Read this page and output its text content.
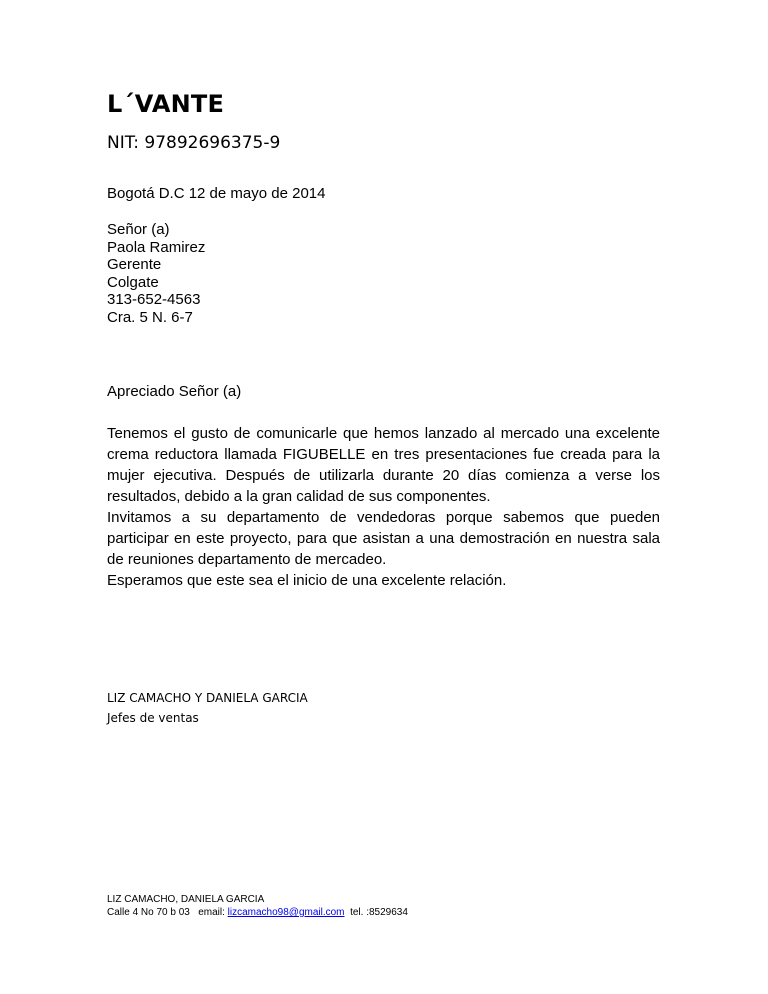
L´VANTE
NIT: 97892696375-9
Bogotá D.C 12 de mayo de 2014
Señor (a)
Paola Ramirez
Gerente
Colgate
313-652-4563
Cra. 5 N. 6-7
Apreciado Señor (a)

Tenemos el gusto de comunicarle que hemos lanzado al mercado una excelente crema reductora llamada FIGUBELLE en tres presentaciones fue creada para la mujer ejecutiva. Después de utilizarla durante 20 días comienza a verse los resultados, debido a la gran calidad de sus componentes.

Invitamos a su departamento de vendedoras porque sabemos que pueden participar en este proyecto, para que asistan a una demostración en nuestra sala de reuniones departamento de mercadeo.

Esperamos que este sea el inicio de una excelente relación.

LIZ CAMACHO Y DANIELA GARCIA
Jefes de ventas
LIZ CAMACHO, DANIELA GARCIA
Calle 4 No 70 b 03 email: lizcamacho98@gmail.com tel. :8529634
